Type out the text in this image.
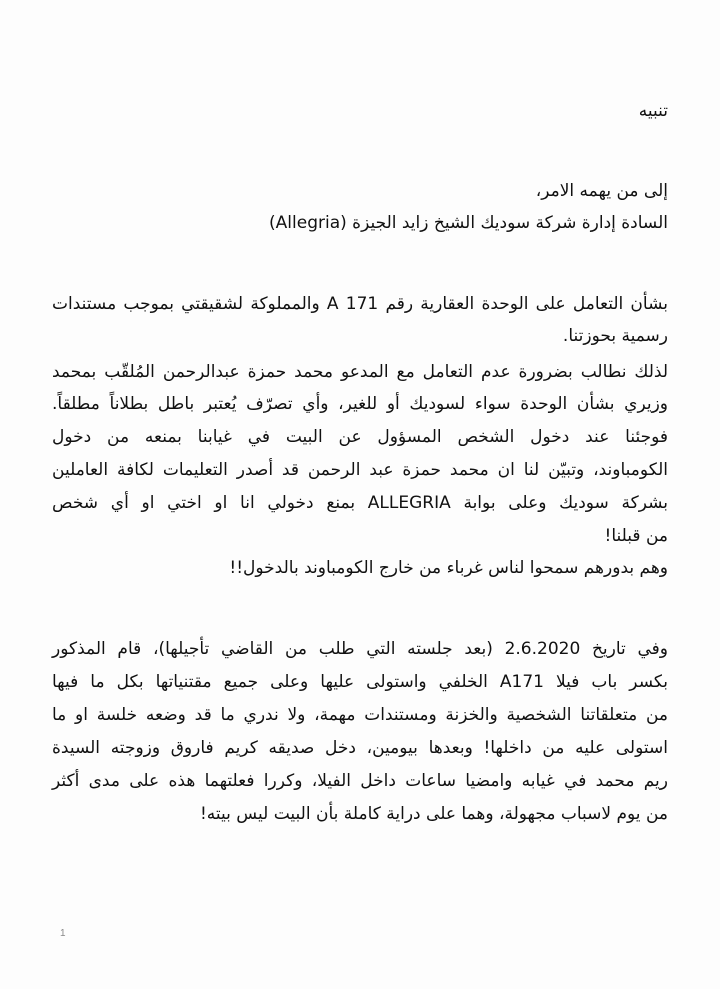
تنبيه
إلى من يهمه الامر،
السادة إدارة شركة سوديك الشيخ زايد الجيزة (Allegria)
بشأن التعامل على الوحدة العقارية رقم 171 A والمملوكة لشقيقتي بموجب مستندات
رسمية بحوزتنا.
لذلك نطالب بضرورة عدم التعامل مع المدعو محمد حمزة عبدالرحمن المُلقّب بمحمد
وزيري بشأن الوحدة سواء لسوديك أو للغير، وأي تصرّف يُعتبر باطل بطلاناً مطلقاً.
فوجئنا عند دخول الشخص المسؤول عن البيت في غيابنا بمنعه من دخول
الكومباوند، وتبيّن لنا ان محمد حمزة عبد الرحمن قد أصدر التعليمات لكافة العاملين
بشركة سوديك وعلى بوابة ALLEGRIA بمنع دخولي انا او اختي او أي شخص
من قبلنا!
وهم بدورهم سمحوا لناس غرباء من خارج الكومباوند بالدخول!!
وفي تاريخ 2.6.2020 (بعد جلسته التي طلب من القاضي تأجيلها)، قام المذكور
بكسر باب فيلا A171 الخلفي واستولى عليها وعلى جميع مقتنياتها بكل ما فيها
من متعلقاتنا الشخصية والخزنة ومستندات مهمة، ولا ندري ما قد وضعه خلسة او ما
استولى عليه من داخلها! وبعدها بيومين، دخل صديقه كريم فاروق وزوجته السيدة
ريم محمد في غيابه وامضيا ساعات داخل الفيلا، وكررا فعلتهما هذه على مدى أكثر
من يوم لاسباب مجهولة، وهما على دراية كاملة بأن البيت ليس بيته!
1
